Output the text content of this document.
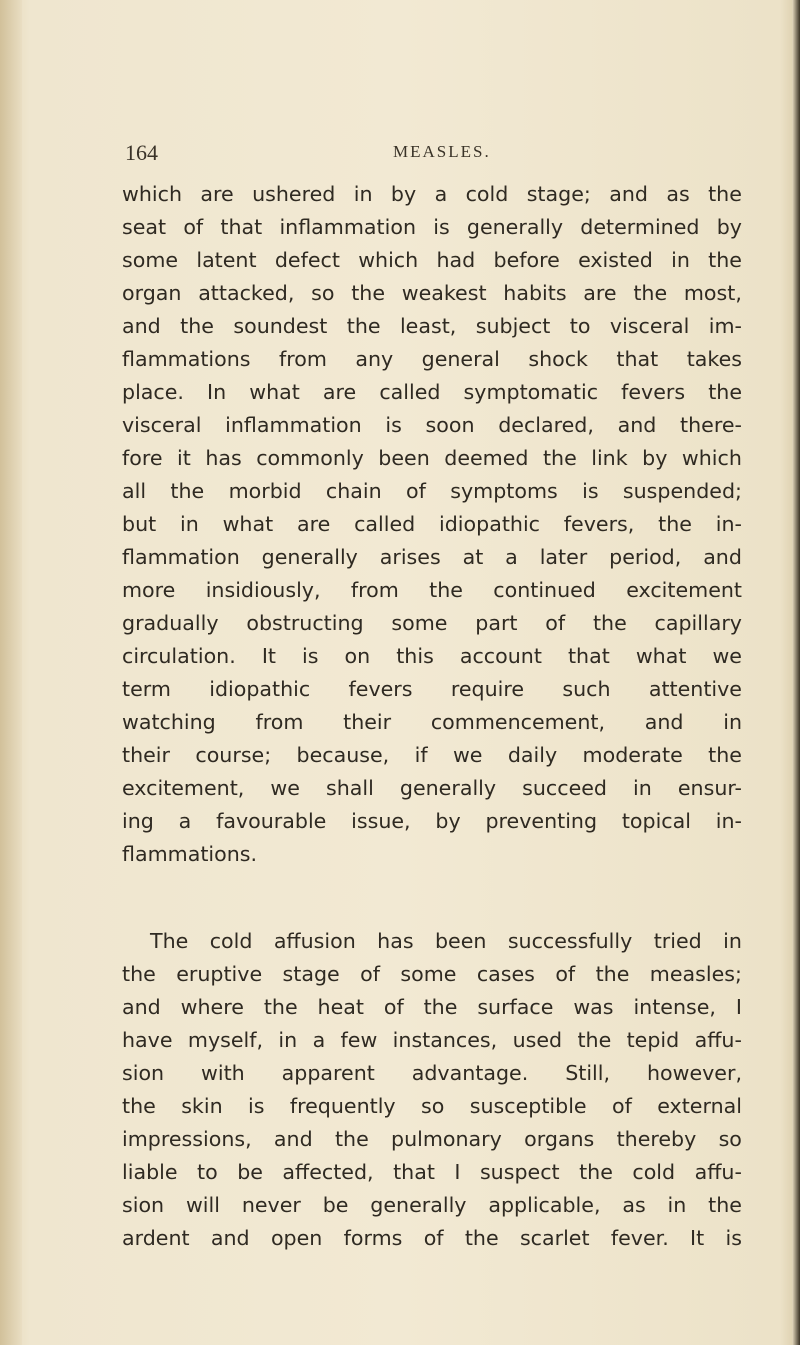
164	MEASLES.
which are ushered in by a cold stage; and as the
seat of that inflammation is generally determined by
some latent defect which had before existed in the
organ attacked, so the weakest habits are the most,
and the soundest the least, subject to visceral im-
flammations from any general shock that takes
place. In what are called symptomatic fevers the
visceral inflammation is soon declared, and there-
fore it has commonly been deemed the link by which
all the morbid chain of symptoms is suspended;
but in what are called idiopathic fevers, the in-
flammation generally arises at a later period, and
more insidiously, from the continued excitement
gradually obstructing some part of the capillary
circulation. It is on this account that what we
term idiopathic fevers require such attentive
watching from their commencement, and in
their course; because, if we daily moderate the
excitement, we shall generally succeed in ensur-
ing a favourable issue, by preventing topical in-
flammations.
The cold affusion has been successfully tried in
the eruptive stage of some cases of the measles;
and where the heat of the surface was intense, I
have myself, in a few instances, used the tepid affu-
sion with apparent advantage. Still, however,
the skin is frequently so susceptible of external
impressions, and the pulmonary organs thereby so
liable to be affected, that I suspect the cold affu-
sion will never be generally applicable, as in the
ardent and open forms of the scarlet fever. It is
